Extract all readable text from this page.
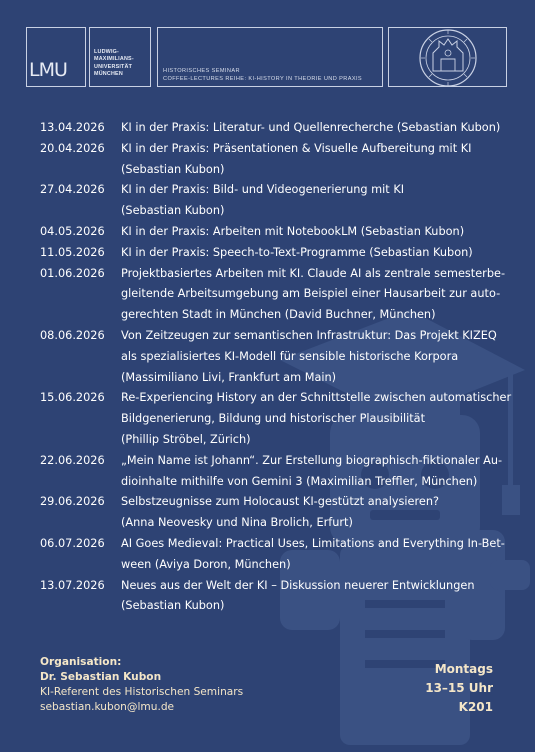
LMU
LUDWIG-
MAXIMILIANS-
UNIVERSITÄT
MÜNCHEN
HISTORISCHES SEMINAR
COFFEE-LECTURES REIHE: KI-HISTORY IN THEORIE UND PRAXIS
13.04.2026 KI in der Praxis: Literatur- und Quellenrecherche (Sebastian Kubon)
20.04.2026 KI in der Praxis: Präsentationen & Visuelle Aufbereitung mit KI
(Sebastian Kubon)
27.04.2026 KI in der Praxis: Bild- und Videogenerierung mit KI
(Sebastian Kubon)
04.05.2026 KI in der Praxis: Arbeiten mit NotebookLM (Sebastian Kubon)
11.05.2026 KI in der Praxis: Speech-to-Text-Programme (Sebastian Kubon)
01.06.2026 Projektbasiertes Arbeiten mit KI. Claude AI als zentrale semesterbe-
gleitende Arbeitsumgebung am Beispiel einer Hausarbeit zur auto-
gerechten Stadt in München (David Buchner, München)
08.06.2026 Von Zeitzeugen zur semantischen Infrastruktur: Das Projekt KIZEQ
als spezialisiertes KI-Modell für sensible historische Korpora
(Massimiliano Livi, Frankfurt am Main)
15.06.2026 Re-Experiencing History an der Schnittstelle zwischen automatischer
Bildgenerierung, Bildung und historischer Plausibilität
(Phillip Ströbel, Zürich)
22.06.2026 „Mein Name ist Johann“. Zur Erstellung biographisch-fiktionaler Au-
dioinhalte mithilfe von Gemini 3 (Maximilian Treffler, München)
29.06.2026 Selbstzeugnisse zum Holocaust KI-gestützt analysieren?
(Anna Neovesky und Nina Brolich, Erfurt)
06.07.2026 AI Goes Medieval: Practical Uses, Limitations and Everything In-Bet-
ween (Aviya Doron, München)
13.07.2026 Neues aus der Welt der KI – Diskussion neuerer Entwicklungen
(Sebastian Kubon)
Organisation:
Dr. Sebastian Kubon
KI-Referent des Historischen Seminars
sebastian.kubon@lmu.de
Montags
13–15 Uhr
K201
